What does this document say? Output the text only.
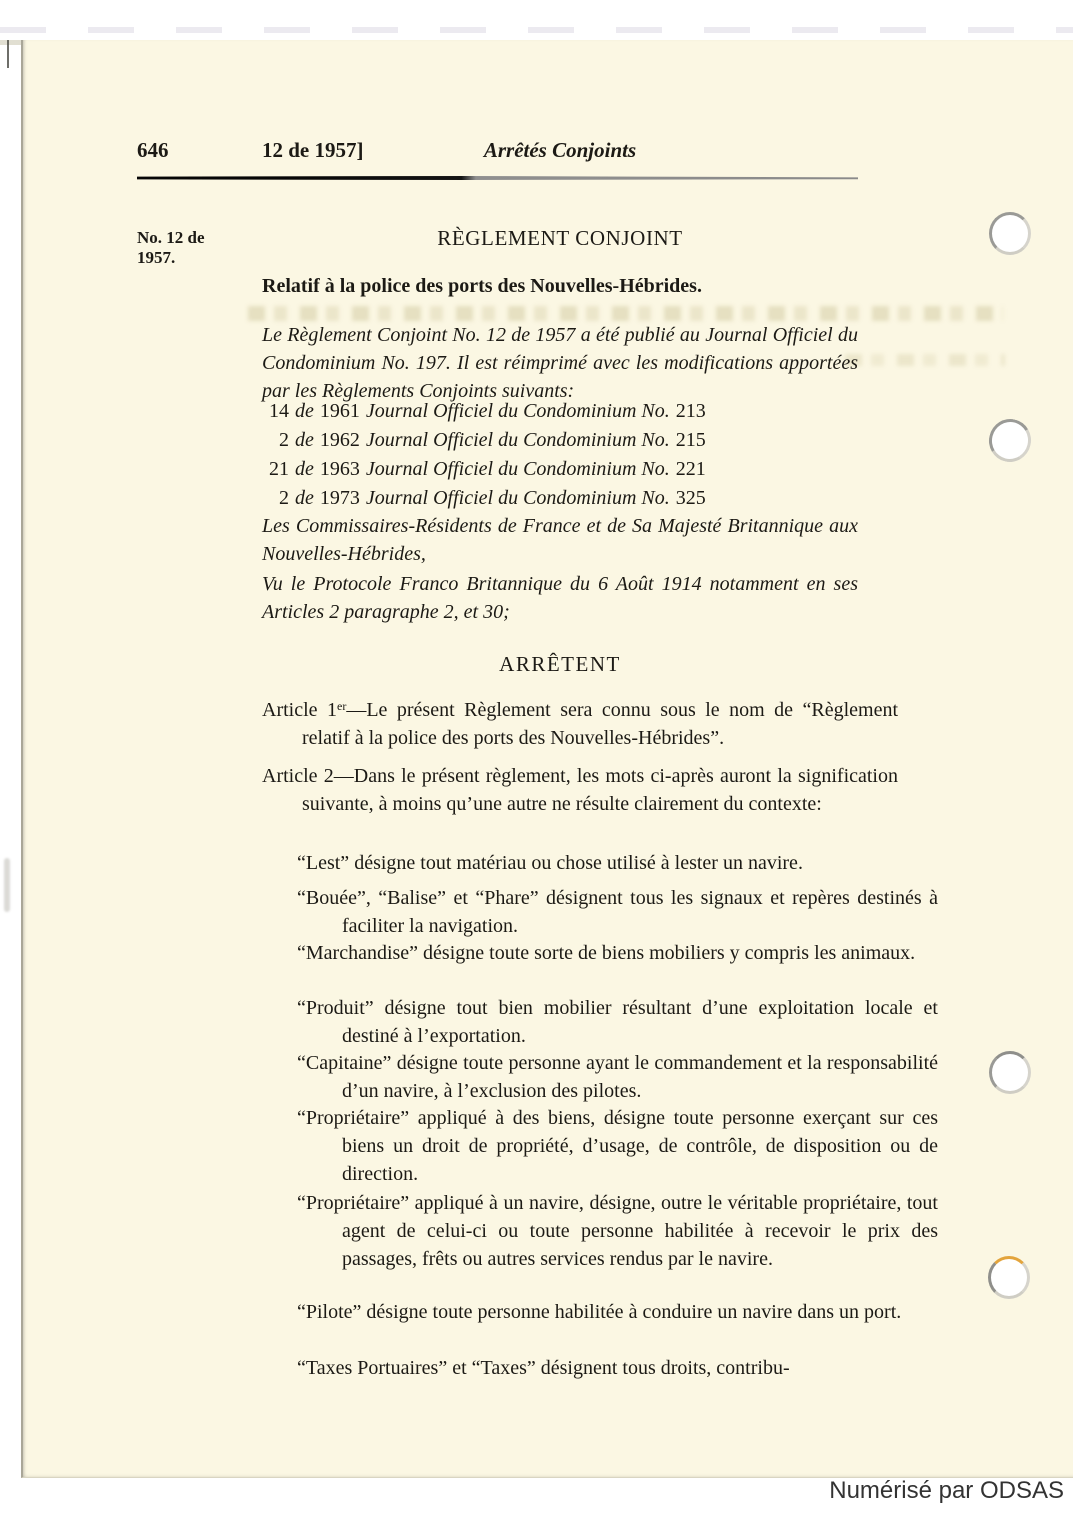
646	12 de 1957]	Arrêtés Conjoints
No. 12 de
1957.
RÈGLEMENT CONJOINT
Relatif à la police des ports des Nouvelles-Hébrides.
Le Règlement Conjoint No. 12 de 1957 a été publié au Journal Officiel du Condominium No. 197. Il est réimprimé avec les modifications apportées par les Règlements Conjoints suivants:
14 de 1961 Journal Officiel du Condominium No. 213
2 de 1962 Journal Officiel du Condominium No. 215
21 de 1963 Journal Officiel du Condominium No. 221
2 de 1973 Journal Officiel du Condominium No. 325
Les Commissaires-Résidents de France et de Sa Majesté Britannique aux Nouvelles-Hébrides,
Vu le Protocole Franco Britannique du 6 Août 1914 notamment en ses Articles 2 paragraphe 2, et 30;
ARRÊTENT
Article 1er—Le présent Règlement sera connu sous le nom de “Règlement relatif à la police des ports des Nouvelles-Hébrides”.
Article 2—Dans le présent règlement, les mots ci-après auront la signification suivante, à moins qu’une autre ne résulte clairement du contexte:
“Lest” désigne tout matériau ou chose utilisé à lester un navire.
“Bouée”, “Balise” et “Phare” désignent tous les signaux et repères destinés à faciliter la navigation.
“Marchandise” désigne toute sorte de biens mobiliers y compris les animaux.
“Produit” désigne tout bien mobilier résultant d’une exploitation locale et destiné à l’exportation.
“Capitaine” désigne toute personne ayant le commandement et la responsabilité d’un navire, à l’exclusion des pilotes.
“Propriétaire” appliqué à des biens, désigne toute personne exerçant sur ces biens un droit de propriété, d’usage, de contrôle, de disposition ou de direction.
“Propriétaire” appliqué à un navire, désigne, outre le véritable propriétaire, tout agent de celui-ci ou toute personne habilitée à recevoir le prix des passages, frêts ou autres services rendus par le navire.
“Pilote” désigne toute personne habilitée à conduire un navire dans un port.
“Taxes Portuaires” et “Taxes” désignent tous droits, contribu-
Numérisé par ODSAS
